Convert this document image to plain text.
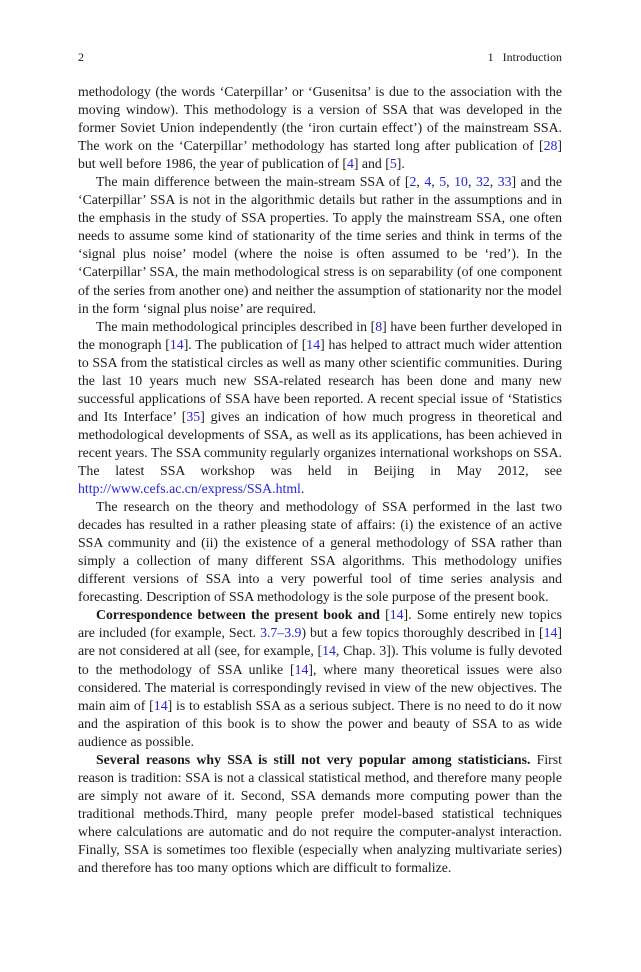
2	1   Introduction

methodology (the words ‘Caterpillar’ or ‘Gusenitsa’ is due to the association with the moving window). This methodology is a version of SSA that was developed in the former Soviet Union independently (the ‘iron curtain effect’) of the mainstream SSA. The work on the ‘Caterpillar’ methodology has started long after publication of [28] but well before 1986, the year of publication of [4] and [5].

The main difference between the main-stream SSA of [2, 4, 5, 10, 32, 33] and the ‘Caterpillar’ SSA is not in the algorithmic details but rather in the assumptions and in the emphasis in the study of SSA properties. To apply the mainstream SSA, one often needs to assume some kind of stationarity of the time series and think in terms of the ‘signal plus noise’ model (where the noise is often assumed to be ‘red’). In the ‘Caterpillar’ SSA, the main methodological stress is on separability (of one component of the series from another one) and neither the assumption of stationarity nor the model in the form ‘signal plus noise’ are required.

The main methodological principles described in [8] have been further developed in the monograph [14]. The publication of [14] has helped to attract much wider attention to SSA from the statistical circles as well as many other scientific communities. During the last 10 years much new SSA-related research has been done and many new successful applications of SSA have been reported. A recent special issue of ‘Statistics and Its Interface’ [35] gives an indication of how much progress in theoretical and methodological developments of SSA, as well as its applications, has been achieved in recent years. The SSA community regularly organizes international workshops on SSA. The latest SSA workshop was held in Beijing in May 2012, see http://www.cefs.ac.cn/express/SSA.html.

The research on the theory and methodology of SSA performed in the last two decades has resulted in a rather pleasing state of affairs: (i) the existence of an active SSA community and (ii) the existence of a general methodology of SSA rather than simply a collection of many different SSA algorithms. This methodology unifies different versions of SSA into a very powerful tool of time series analysis and forecasting. Description of SSA methodology is the sole purpose of the present book.

Correspondence between the present book and [14]. Some entirely new topics are included (for example, Sect. 3.7–3.9) but a few topics thoroughly described in [14] are not considered at all (see, for example, [14, Chap. 3]). This volume is fully devoted to the methodology of SSA unlike [14], where many theoretical issues were also considered. The material is correspondingly revised in view of the new objectives. The main aim of [14] is to establish SSA as a serious subject. There is no need to do it now and the aspiration of this book is to show the power and beauty of SSA to as wide audience as possible.

Several reasons why SSA is still not very popular among statisticians. First reason is tradition: SSA is not a classical statistical method, and therefore many people are simply not aware of it. Second, SSA demands more computing power than the traditional methods.Third, many people prefer model-based statistical techniques where calculations are automatic and do not require the computer-analyst interaction. Finally, SSA is sometimes too flexible (especially when analyzing multivariate series) and therefore has too many options which are difficult to formalize.
